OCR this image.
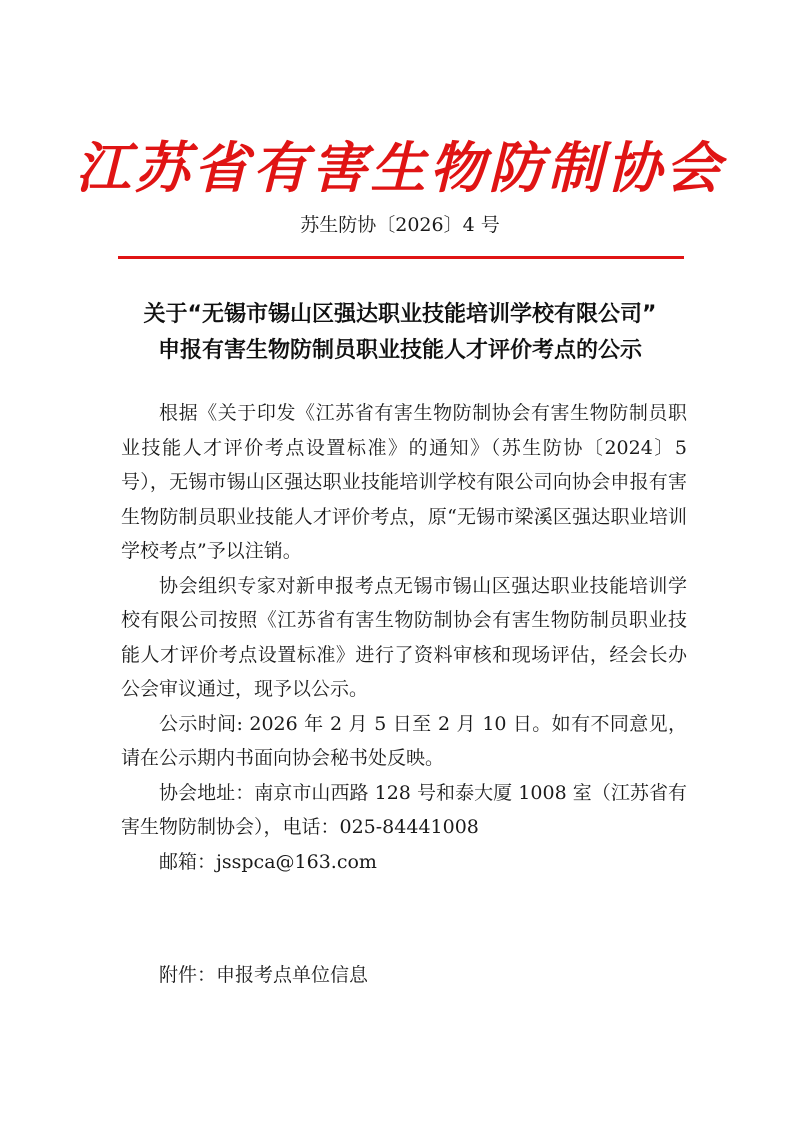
江苏省有害生物防制协会
苏生防协〔2026〕4 号
关于“无锡市锡山区强达职业技能培训学校有限公司”
申报有害生物防制员职业技能人才评价考点的公示

根据《关于印发《江苏省有害生物防制协会有害生物防制员职业技能人才评价考点设置标准》的通知》（苏生防协〔2024〕5 号），无锡市锡山区强达职业技能培训学校有限公司向协会申报有害生物防制员职业技能人才评价考点，原“无锡市梁溪区强达职业培训学校考点”予以注销。

协会组织专家对新申报考点无锡市锡山区强达职业技能培训学校有限公司按照《江苏省有害生物防制协会有害生物防制员职业技能人才评价考点设置标准》进行了资料审核和现场评估，经会长办公会审议通过，现予以公示。

公示时间: 2026 年 2 月 5 日至 2 月 10 日。如有不同意见，请在公示期内书面向协会秘书处反映。

协会地址：南京市山西路 128 号和泰大厦 1008 室（江苏省有害生物防制协会），电话：025-84441008

邮箱：jsspca@163.com

附件：申报考点单位信息
